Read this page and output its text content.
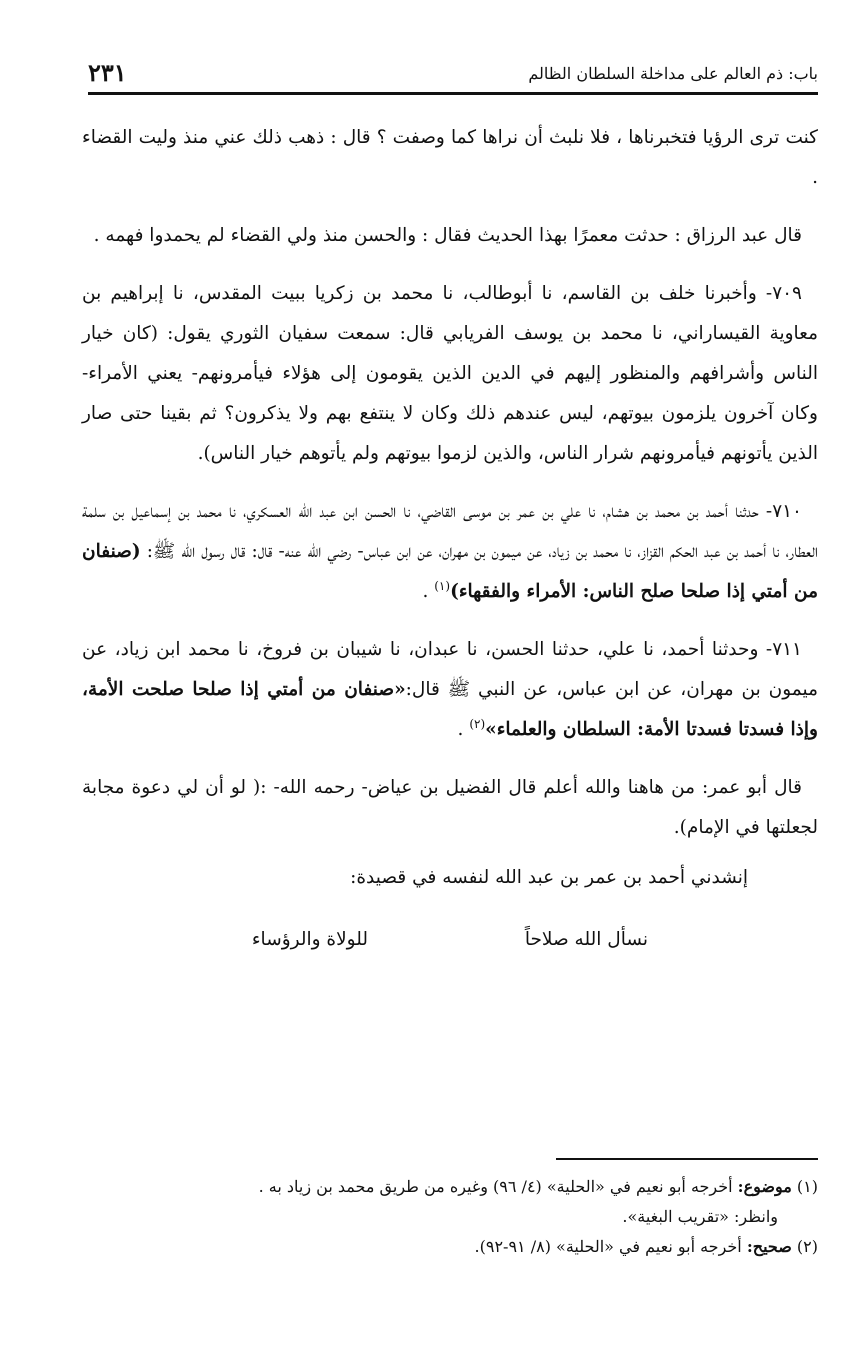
باب: ذم العالم على مداخلة السلطان الظالم
٢٣١

كنت ترى الرؤيا فتخبرناها ، فلا نلبث أن نراها كما وصفت ؟ قال : ذهب ذلك عني منذ وليت القضاء .

قال عبد الرزاق : حدثت معمرًا بهذا الحديث فقال : والحسن منذ ولي القضاء لم يحمدوا فهمه .

٧٠٩- وأخبرنا خلف بن القاسم، نا أبوطالب، نا محمد بن زكريا ببيت المقدس، نا إبراهيم بن معاوية القيساراني، نا محمد بن يوسف الفريابي قال: سمعت سفيان الثوري يقول: (كان خيار الناس وأشرافهم والمنظور إليهم في الدين الذين يقومون إلى هؤلاء فيأمرونهم- يعني الأمراء- وكان آخرون يلزمون بيوتهم، ليس عندهم ذلك وكان لا ينتفع بهم ولا يذكرون؟ ثم بقينا حتى صار الذين يأتونهم فيأمرونهم شرار الناس، والذين لزموا بيوتهم ولم يأتوهم خيار الناس).

٧١٠- حدثنا أحمد بن محمد بن هشام، نا علي بن عمر بن موسى القاضي، نا الحسن ابن عبد الله العسكري، نا محمد بن إسماعيل بن سلمة العطار، نا أحمد بن عبد الحكم القزاز، نا محمد بن زياد، عن ميمون بن مهران، عن ابن عباس- رضي الله عنه- قال: قال رسول الله ﷺ: (صنفان من أمتي إذا صلحا صلح الناس: الأمراء والفقهاء)$^{(١)}$ .

٧١١- وحدثنا أحمد، نا علي، حدثنا الحسن، نا عبدان، نا شيبان بن فروخ، نا محمد ابن زياد، عن ميمون بن مهران، عن ابن عباس، عن النبي ﷺ قال:«صنفان من أمتي إذا صلحا صلحت الأمة، وإذا فسدتا فسدتا الأمة: السلطان والعلماء»$^{(٢)}$ .

قال أبو عمر: من هاهنا والله أعلم قال الفضيل بن عياض- رحمه الله- :( لو أن لي دعوة مجابة لجعلتها في الإمام).

إنشدني أحمد بن عمر بن عبد الله لنفسه في قصيدة:

نسأل الله صلاحاً
للولاة والرؤساء

(١) موضوع: أخرجه أبو نعيم في «الحلية» (٤/ ٩٦) وغيره من طريق محمد بن زياد به .

وانظر: «تقريب البغية».

(٢) صحيح: أخرجه أبو نعيم في «الحلية» (٨/ ٩١-٩٢).
